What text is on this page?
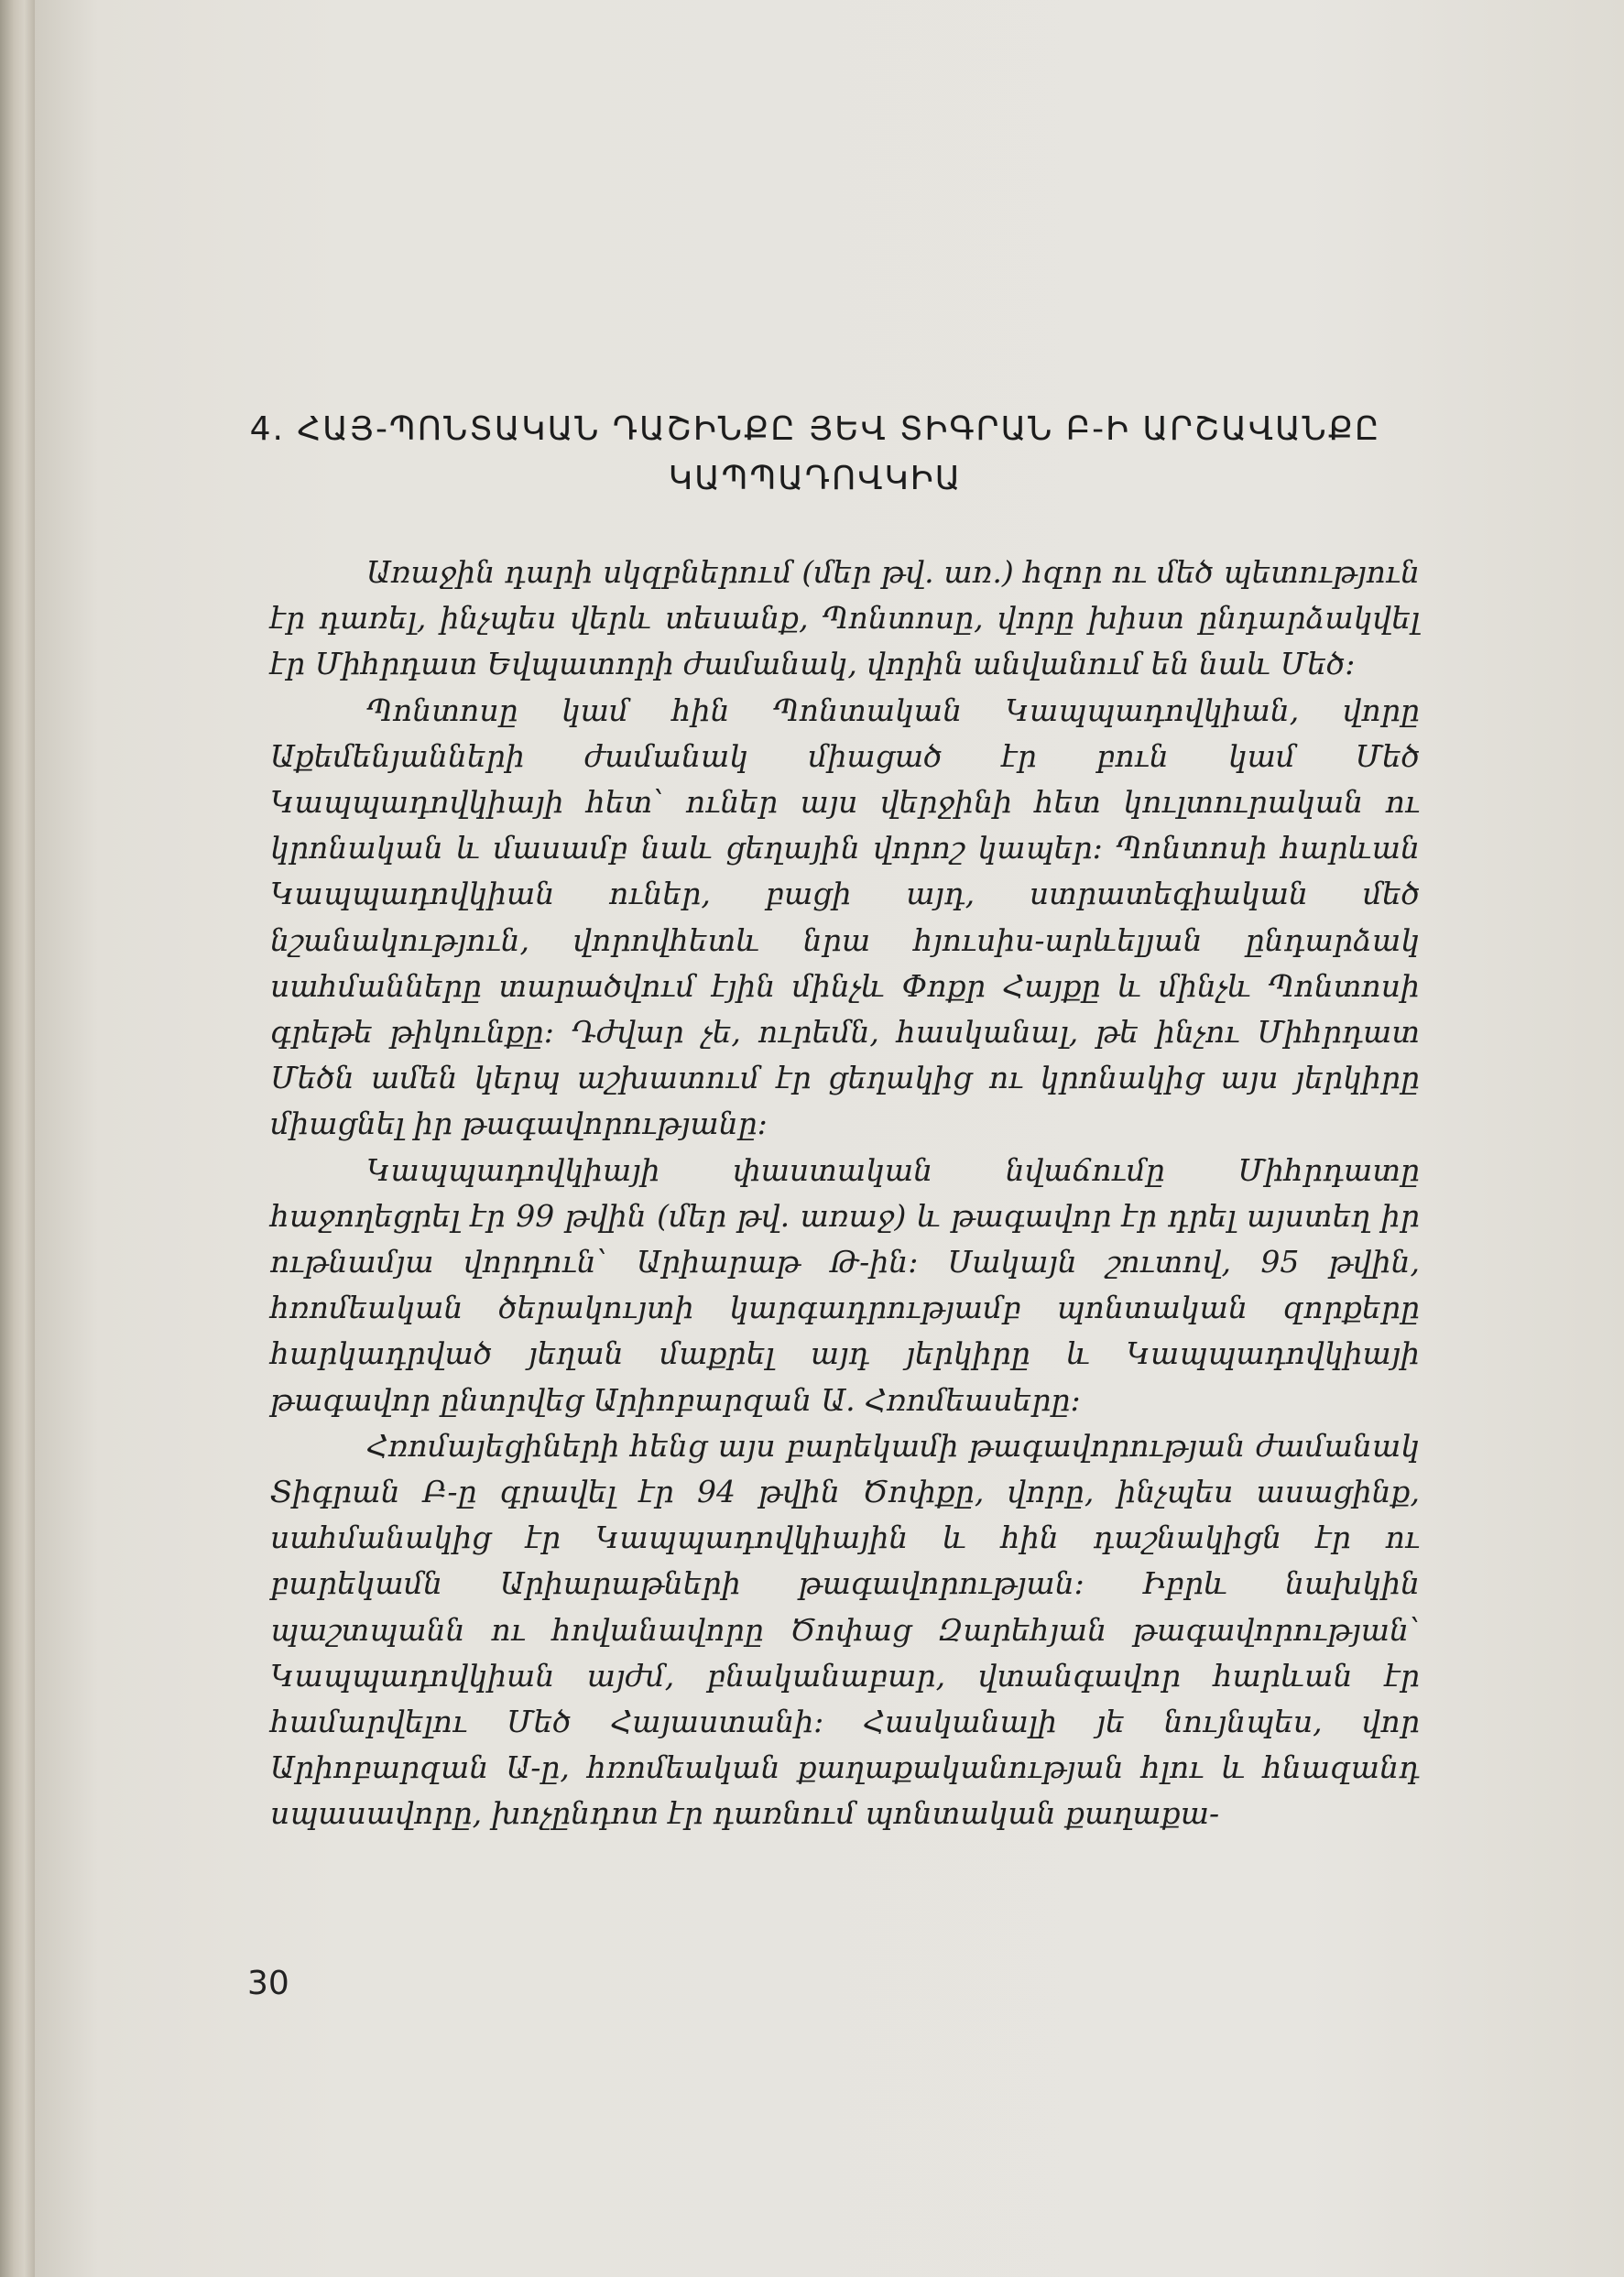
4. ՀԱՅ-ՊՈՆՏԱԿԱՆ ԴԱՇԻՆՔԸ ՅԵՎ ՏԻԳՐԱՆ Բ-Ի ԱՐՇԱՎԱՆՔԸ
ԿԱՊՊԱԴՈՎԿԻԱ

Առաջին դարի սկզբներում (մեր թվ. առ.) հզոր ու մեծ պետություն էր դառել, ինչպես վերև տեսանք, Պոնտոսը, վորը խիստ ընդարձակվել էր Միհրդատ Եվպատորի ժամանակ, վորին անվանում են նաև Մեծ։

Պոնտոսը կամ հին Պոնտական Կապպադովկիան, վորը Աքեմենյանների ժամանակ միացած էր բուն կամ Մեծ Կապպադովկիայի հետ՝ ուներ այս վերջինի հետ կուլտուրական ու կրոնական և մասամբ նաև ցեղային վորոշ կապեր։ Պոնտոսի հարևան Կապպադովկիան ուներ, բացի այդ, ստրատեգիական մեծ նշանակություն, վորովհետև նրա հյուսիս-արևելյան ընդարձակ սահմանները տարածվում էյին մինչև Փոքր Հայքը և մինչև Պոնտոսի գրեթե թիկունքը։ Դժվար չե, ուրեմն, հասկանալ, թե ինչու Միհրդատ Մեծն ամեն կերպ աշխատում էր ցեղակից ու կրոնակից այս յերկիրը միացնել իր թագավորությանը։

Կապպադովկիայի փաստական նվաճումը Միհրդատը հաջողեցրել էր 99 թվին (մեր թվ. առաջ) և թագավոր էր դրել այստեղ իր ութնամյա վորդուն՝ Արիարաթ Թ-ին։ Սակայն շուտով, 95 թվին, հռոմեական ծերակույտի կարգադրությամբ պոնտական զորքերը հարկադրված յեղան մաքրել այդ յերկիրը և Կապպադովկիայի թագավոր ընտրվեց Արիոբարզան Ա. Հռոմեասերը։

Հռոմայեցիների հենց այս բարեկամի թագավորության ժամանակ Տիգրան Բ-ը գրավել էր 94 թվին Ծոփքը, վորը, ինչպես ասացինք, սահմանակից էր Կապպադովկիային և հին դաշնակիցն էր ու բարեկամն Արիարաթների թագավորության։ Իբրև նախկին պաշտպանն ու հովանավորը Ծոփաց Զարեհյան թագավորության՝ Կապպադովկիան այժմ, բնականաբար, վտանգավոր հարևան էր համարվելու Մեծ Հայաստանի։ Հասկանալի յե նույնպես, վոր Արիոբարզան Ա-ը, հռոմեական քաղաքականության հլու և հնազանդ սպասավորը, խոչընդոտ էր դառնում պոնտական քաղաքա-

30
